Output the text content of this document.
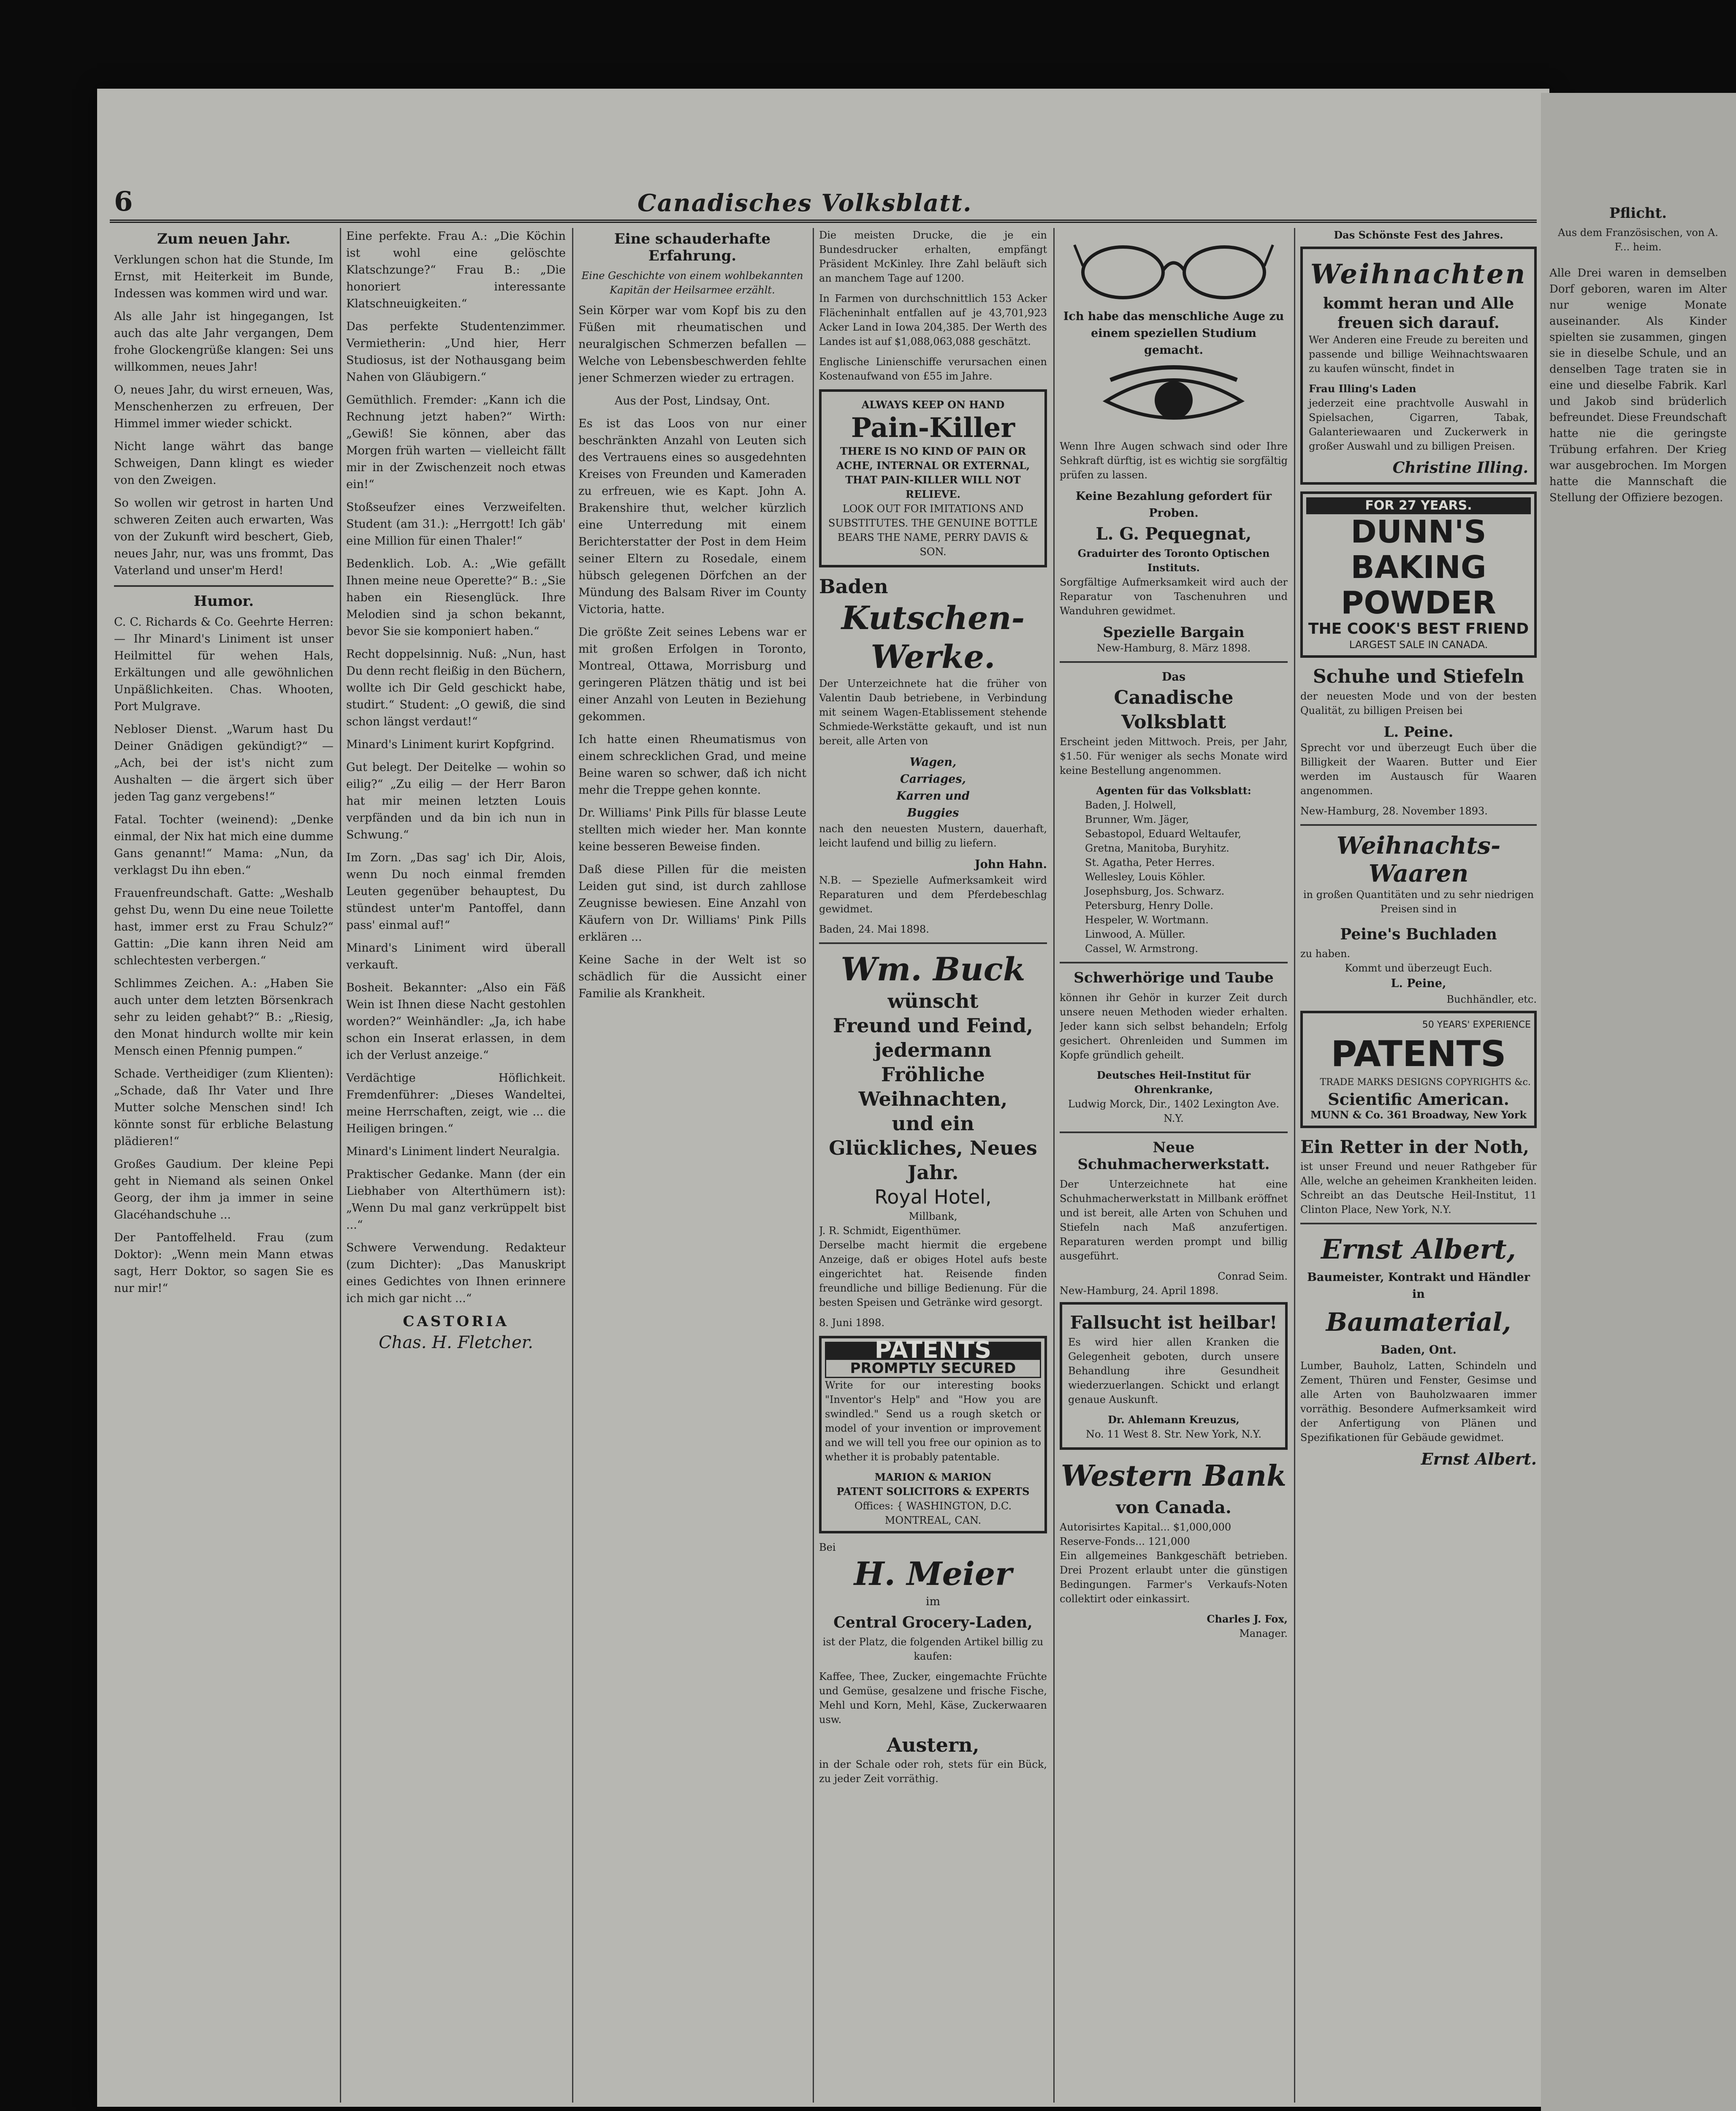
6	Canadisches Volksblatt.
Zum neuen Jahr.

Verklungen schon hat die Stunde, Im Ernst, mit Heiterkeit im Bunde, Indessen was kommen wird und war.

Als alle Jahr ist hingegangen, Ist auch das alte Jahr vergangen, Dem frohe Glockengrüße klangen: Sei uns willkommen, neues Jahr!

O, neues Jahr, du wirst erneuen, Was, Menschenherzen zu erfreuen, Der Himmel immer wieder schickt.

Nicht lange währt das bange Schweigen, Dann klingt es wieder von den Zweigen.

So wollen wir getrost in harten Und schweren Zeiten auch erwarten, Was von der Zukunft wird beschert, Gieb, neues Jahr, nur, was uns frommt, Das Vaterland und unser'm Herd!

Humor.

C. C. Richards & Co. Geehrte Herren: — Ihr Minard's Liniment ist unser Heilmittel für wehen Hals, Erkältungen und alle gewöhnlichen Unpäßlichkeiten. Chas. Whooten, Port Mulgrave.

Nebloser Dienst. „Warum hast Du Deiner Gnädigen gekündigt?“ — „Ach, bei der ist's nicht zum Aushalten — die ärgert sich über jeden Tag ganz vergebens!“

Fatal. Tochter (weinend): „Denke einmal, der Nix hat mich eine dumme Gans genannt!“ Mama: „Nun, da verklagst Du ihn eben.“

Frauenfreundschaft. Gatte: „Weshalb gehst Du, wenn Du eine neue Toilette hast, immer erst zu Frau Schulz?“ Gattin: „Die kann ihren Neid am schlechtesten verbergen.“

Schlimmes Zeichen. A.: „Haben Sie auch unter dem letzten Börsenkrach sehr zu leiden gehabt?“ B.: „Riesig, den Monat hindurch wollte mir kein Mensch einen Pfennig pumpen.“

Schade. Vertheidiger (zum Klienten): „Schade, daß Ihr Vater und Ihre Mutter solche Menschen sind! Ich könnte sonst für erbliche Belastung plädieren!“

Großes Gaudium. Der kleine Pepi geht in Niemand als seinen Onkel Georg, der ihm ja immer in seine Glacéhandschuhe ...

Der Pantoffelheld. Frau (zum Doktor): „Wenn mein Mann etwas sagt, Herr Doktor, so sagen Sie es nur mir!“

Eine perfekte. Frau A.: „Die Köchin ist wohl eine gelöschte Klatschzunge?“ Frau B.: „Die honoriert interessante Klatschneuigkeiten.“

Das perfekte Studentenzimmer. Vermietherin: „Und hier, Herr Studiosus, ist der Nothausgang beim Nahen von Gläubigern.“

Gemüthlich. Fremder: „Kann ich die Rechnung jetzt haben?“ Wirth: „Gewiß! Sie können, aber das Morgen früh warten — vielleicht fällt mir in der Zwischenzeit noch etwas ein!“

Stoßseufzer eines Verzweifelten. Student (am 31.): „Herrgott! Ich gäb' eine Million für einen Thaler!“

Bedenklich. Lob. A.: „Wie gefällt Ihnen meine neue Operette?“ B.: „Sie haben ein Riesenglück. Ihre Melodien sind ja schon bekannt, bevor Sie sie komponiert haben.“

Recht doppelsinnig. Nuß: „Nun, hast Du denn recht fleißig in den Büchern, wollte ich Dir Geld geschickt habe, studirt.“ Student: „O gewiß, die sind schon längst verdaut!“

Minard's Liniment kurirt Kopfgrind.

Gut belegt. Der Deitelke — wohin so eilig?“ „Zu eilig — der Herr Baron hat mir meinen letzten Louis verpfänden und da bin ich nun in Schwung.“

Im Zorn. „Das sag' ich Dir, Alois, wenn Du noch einmal fremden Leuten gegenüber behauptest, Du stündest unter'm Pantoffel, dann pass' einmal auf!“

Minard's Liniment wird überall verkauft.

Bosheit. Bekannter: „Also ein Fäß Wein ist Ihnen diese Nacht gestohlen worden?“ Weinhändler: „Ja, ich habe schon ein Inserat erlassen, in dem ich der Verlust anzeige.“

Verdächtige Höflichkeit. Fremdenführer: „Dieses Wandeltei, meine Herrschaften, zeigt, wie ... die Heiligen bringen.“

Minard's Liniment lindert Neuralgia.

Praktischer Gedanke. Mann (der ein Liebhaber von Alterthümern ist): „Wenn Du mal ganz verkrüppelt bist ...“

Schwere Verwendung. Redakteur (zum Dichter): „Das Manuskript eines Gedichtes von Ihnen erinnere ich mich gar nicht ...“

CASTORIA
Chas. H. Fletcher.
Eine schauderhafte Erfahrung.
Eine Geschichte von einem wohlbekannten Kapitän der Heilsarmee erzählt.

Sein Körper war vom Kopf bis zu den Füßen mit rheumatischen und neuralgischen Schmerzen befallen — Welche von Lebensbeschwerden fehlte jener Schmerzen wieder zu ertragen.

Aus der Post, Lindsay, Ont.

Es ist das Loos von nur einer beschränkten Anzahl von Leuten sich des Vertrauens eines so ausgedehnten Kreises von Freunden und Kameraden zu erfreuen, wie es Kapt. John A. Brakenshire thut, welcher kürzlich eine Unterredung mit einem Berichterstatter der Post in dem Heim seiner Eltern zu Rosedale, einem hübsch gelegenen Dörfchen an der Mündung des Balsam River im County Victoria, hatte.

Die größte Zeit seines Lebens war er mit großen Erfolgen in Toronto, Montreal, Ottawa, Morrisburg und geringeren Plätzen thätig und ist bei einer Anzahl von Leuten in Beziehung gekommen.

Ich hatte einen Rheumatismus von einem schrecklichen Grad, und meine Beine waren so schwer, daß ich nicht mehr die Treppe gehen konnte.

Dr. Williams' Pink Pills für blasse Leute stellten mich wieder her. Man konnte keine besseren Beweise finden.

Daß diese Pillen für die meisten Leiden gut sind, ist durch zahllose Zeugnisse bewiesen. Eine Anzahl von Käufern von Dr. Williams' Pink Pills erklären ...

Keine Sache in der Welt ist so schädlich für die Aussicht einer Familie als Krankheit.

Die meisten Drucke, die je ein Bundesdrucker erhalten, empfängt Präsident McKinley. Ihre Zahl beläuft sich an manchem Tage auf 1200.

In Farmen von durchschnittlich 153 Acker Flächeninhalt entfallen auf je 43,701,923 Acker Land in Iowa 204,385. Der Werth des Landes ist auf $1,088,063,088 geschätzt.

Englische Linienschiffe verursachen einen Kostenaufwand von £55 im Jahre.

ALWAYS KEEP ON HAND
Pain-Killer
THERE IS NO KIND OF PAIN OR ACHE, INTERNAL OR EXTERNAL, THAT PAIN-KILLER WILL NOT RELIEVE.
LOOK OUT FOR IMITATIONS AND SUBSTITUTES. THE GENUINE BOTTLE BEARS THE NAME, PERRY DAVIS & SON.
Baden
Kutschen-Werke.

Der Unterzeichnete hat die früher von Valentin Daub betriebene, in Verbindung mit seinem Wagen-Etablissement stehende Schmiede-Werkstätte gekauft, und ist nun bereit, alle Arten von

Wagen,
Carriages,
Karren und
Buggies

nach den neuesten Mustern, dauerhaft, leicht laufend und billig zu liefern.

John Hahn.

N.B. — Spezielle Aufmerksamkeit wird Reparaturen und dem Pferdebeschlag gewidmet.

Baden, 24. Mai 1898.

Wm. Buck
wünscht
Freund und Feind,
jedermann
Fröhliche
Weihnachten,
und ein
Glückliches, Neues
Jahr.
Royal Hotel,
Millbank,
J. R. Schmidt, Eigenthümer.

Derselbe macht hiermit die ergebene Anzeige, daß er obiges Hotel aufs beste eingerichtet hat. Reisende finden freundliche und billige Bedienung. Für die besten Speisen und Getränke wird gesorgt.

8. Juni 1898.

PATENTS
PROMPTLY SECURED

Write for our interesting books "Inventor's Help" and "How you are swindled." Send us a rough sketch or model of your invention or improvement and we will tell you free our opinion as to whether it is probably patentable.

MARION & MARION
PATENT SOLICITORS & EXPERTS
Offices: { WASHINGTON, D.C. MONTREAL, CAN.
Bei
H. Meier
im
Central Grocery-Laden,

ist der Platz, die folgenden Artikel billig zu kaufen:

Kaffee, Thee, Zucker, eingemachte Früchte und Gemüse, gesalzene und frische Fische, Mehl und Korn, Mehl, Käse, Zuckerwaaren usw.

Austern,

in der Schale oder roh, stets für ein Bück, zu jeder Zeit vorräthig.

Ich habe das menschliche Auge zu einem speziellen Studium gemacht.

Wenn Ihre Augen schwach sind oder Ihre Sehkraft dürftig, ist es wichtig sie sorgfältig prüfen zu lassen.

Keine Bezahlung gefordert für Proben.
L. G. Pequegnat,
Graduirter des Toronto Optischen Instituts.

Sorgfältige Aufmerksamkeit wird auch der Reparatur von Taschenuhren und Wanduhren gewidmet.

Spezielle Bargain
New-Hamburg, 8. März 1898.
Das
Canadische Volksblatt

Erscheint jeden Mittwoch. Preis, per Jahr, $1.50. Für weniger als sechs Monate wird keine Bestellung angenommen.

Agenten für das Volksblatt:
Baden, J. Holwell,
Brunner, Wm. Jäger,
Sebastopol, Eduard Weltaufer,
Gretna, Manitoba, Buryhitz.
St. Agatha, Peter Herres.
Wellesley, Louis Köhler.
Josephsburg, Jos. Schwarz.
Petersburg, Henry Dolle.
Hespeler, W. Wortmann.
Linwood, A. Müller.
Cassel, W. Armstrong.
Schwerhörige und Taube

können ihr Gehör in kurzer Zeit durch unsere neuen Methoden wieder erhalten. Jeder kann sich selbst behandeln; Erfolg gesichert. Ohrenleiden und Summen im Kopfe gründlich geheilt.

Deutsches Heil-Institut für Ohrenkranke,
Ludwig Morck, Dir., 1402 Lexington Ave. N.Y.
Neue Schuhmacherwerkstatt.

Der Unterzeichnete hat eine Schuhmacherwerkstatt in Millbank eröffnet und ist bereit, alle Arten von Schuhen und Stiefeln nach Maß anzufertigen. Reparaturen werden prompt und billig ausgeführt.

Conrad Seim.
New-Hamburg, 24. April 1898.
Fallsucht ist heilbar!

Es wird hier allen Kranken die Gelegenheit geboten, durch unsere Behandlung ihre Gesundheit wiederzuerlangen. Schickt und erlangt genaue Auskunft.

Dr. Ahlemann Kreuzus,
No. 11 West 8. Str. New York, N.Y.
Western Bank
von Canada.
Autorisirtes Kapital... $1,000,000
Reserve-Fonds... 121,000

Ein allgemeines Bankgeschäft betrieben. Drei Prozent erlaubt unter die günstigen Bedingungen. Farmer's Verkaufs-Noten collektirt oder einkassirt.

Charles J. Fox,
Manager.
Das Schönste Fest des Jahres.
Weihnachten
kommt heran und Alle freuen sich darauf.

Wer Anderen eine Freude zu bereiten und passende und billige Weihnachtswaaren zu kaufen wünscht, findet in

Frau Illing's Laden

jederzeit eine prachtvolle Auswahl in Spielsachen, Cigarren, Tabak, Galanteriewaaren und Zuckerwerk in großer Auswahl und zu billigen Preisen.

Christine Illing.
FOR 27 YEARS.
DUNN'S BAKING POWDER
THE COOK'S BEST FRIEND
LARGEST SALE IN CANADA.
Schuhe und Stiefeln

der neuesten Mode und von der besten Qualität, zu billigen Preisen bei

L. Peine.

Sprecht vor und überzeugt Euch über die Billigkeit der Waaren. Butter und Eier werden im Austausch für Waaren angenommen.

New-Hamburg, 28. November 1893.
Weihnachts-Waaren

in großen Quantitäten und zu sehr niedrigen Preisen sind in

Peine's Buchladen
zu haben.
Kommt und überzeugt Euch.
L. Peine,
Buchhändler, etc.
50 YEARS' EXPERIENCE
PATENTS
TRADE MARKS DESIGNS COPYRIGHTS &c.
Scientific American.
MUNN & Co. 361 Broadway, New York
Ein Retter in der Noth,

ist unser Freund und neuer Rathgeber für Alle, welche an geheimen Krankheiten leiden. Schreibt an das Deutsche Heil-Institut, 11 Clinton Place, New York, N.Y.

Ernst Albert,
Baumeister, Kontrakt und Händler in
Baumaterial,
Baden, Ont.

Lumber, Bauholz, Latten, Schindeln und Zement, Thüren und Fenster, Gesimse und alle Arten von Bauholzwaaren immer vorräthig. Besondere Aufmerksamkeit wird der Anfertigung von Plänen und Spezifikationen für Gebäude gewidmet.

Ernst Albert.
Pflicht.
Aus dem Französischen, von A. F... heim.

Alle Drei waren in demselben Dorf geboren, waren im Alter nur wenige Monate auseinander. Als Kinder spielten sie zusammen, gingen sie in dieselbe Schule, und an denselben Tage traten sie in eine und dieselbe Fabrik. Karl und Jakob sind brüderlich befreundet. Diese Freundschaft hatte nie die geringste Trübung erfahren. Der Krieg war ausgebrochen. Im Morgen hatte die Mannschaft die Stellung der Offiziere bezogen.
